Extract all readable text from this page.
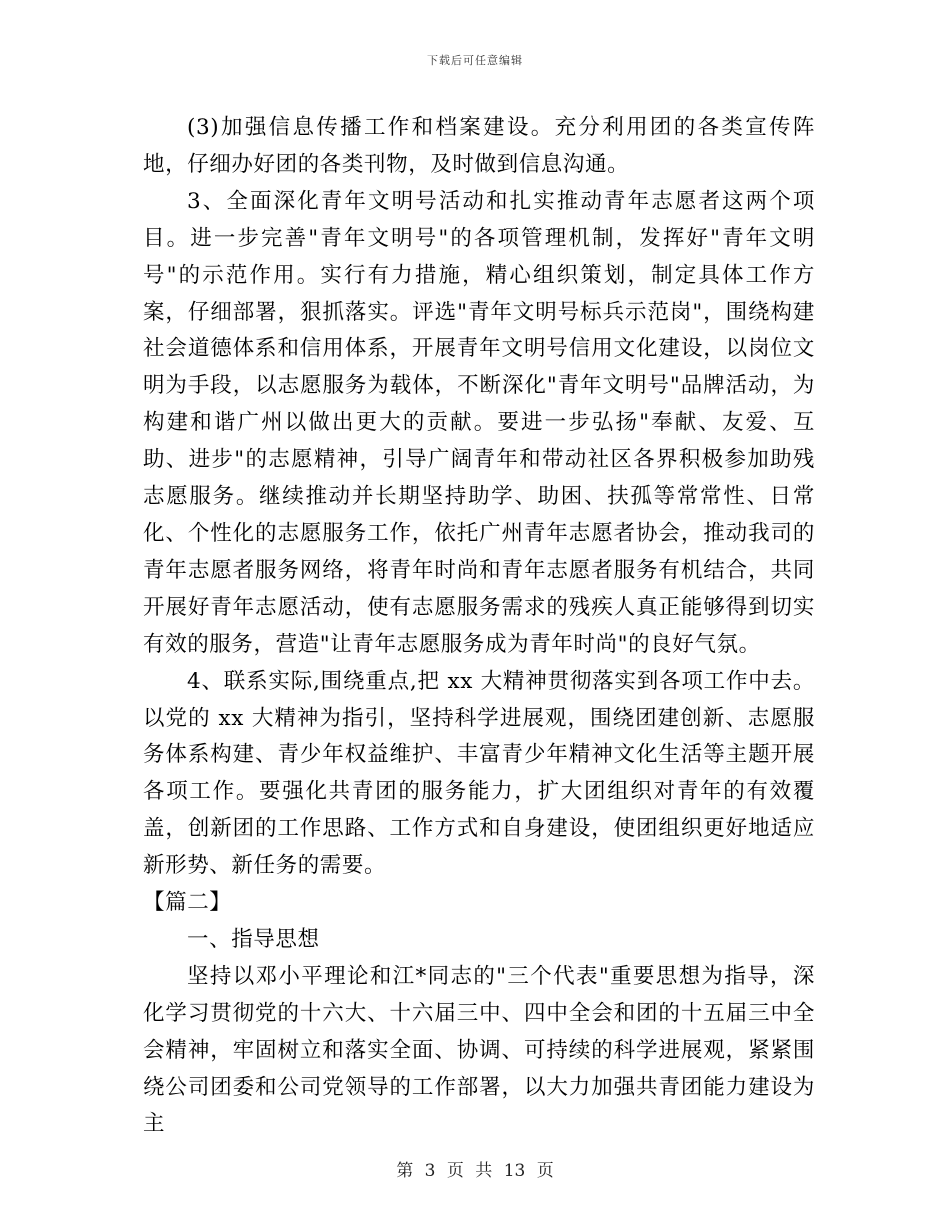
下载后可任意编辑

(3)加强信息传播工作和档案建设。充分利用团的各类宣传阵地，仔细办好团的各类刊物，及时做到信息沟通。

3、全面深化青年文明号活动和扎实推动青年志愿者这两个项目。进一步完善"青年文明号"的各项管理机制，发挥好"青年文明号"的示范作用。实行有力措施，精心组织策划，制定具体工作方案，仔细部署，狠抓落实。评选"青年文明号标兵示范岗"，围绕构建社会道德体系和信用体系，开展青年文明号信用文化建设，以岗位文明为手段，以志愿服务为载体，不断深化"青年文明号"品牌活动，为构建和谐广州以做出更大的贡献。要进一步弘扬"奉献、友爱、互助、进步"的志愿精神，引导广阔青年和带动社区各界积极参加助残志愿服务。继续推动并长期坚持助学、助困、扶孤等常常性、日常化、个性化的志愿服务工作，依托广州青年志愿者协会，推动我司的青年志愿者服务网络，将青年时尚和青年志愿者服务有机结合，共同开展好青年志愿活动，使有志愿服务需求的残疾人真正能够得到切实有效的服务，营造"让青年志愿服务成为青年时尚"的良好气氛。

4、联系实际,围绕重点,把 xx 大精神贯彻落实到各项工作中去。以党的 xx 大精神为指引，坚持科学进展观，围绕团建创新、志愿服务体系构建、青少年权益维护、丰富青少年精神文化生活等主题开展各项工作。要强化共青团的服务能力，扩大团组织对青年的有效覆盖，创新团的工作思路、工作方式和自身建设，使团组织更好地适应新形势、新任务的需要。

【篇二】

一、指导思想

坚持以邓小平理论和江*同志的"三个代表"重要思想为指导，深化学习贯彻党的十六大、十六届三中、四中全会和团的十五届三中全会精神，牢固树立和落实全面、协调、可持续的科学进展观，紧紧围绕公司团委和公司党领导的工作部署，以大力加强共青团能力建设为主

第 3 页 共 13 页
